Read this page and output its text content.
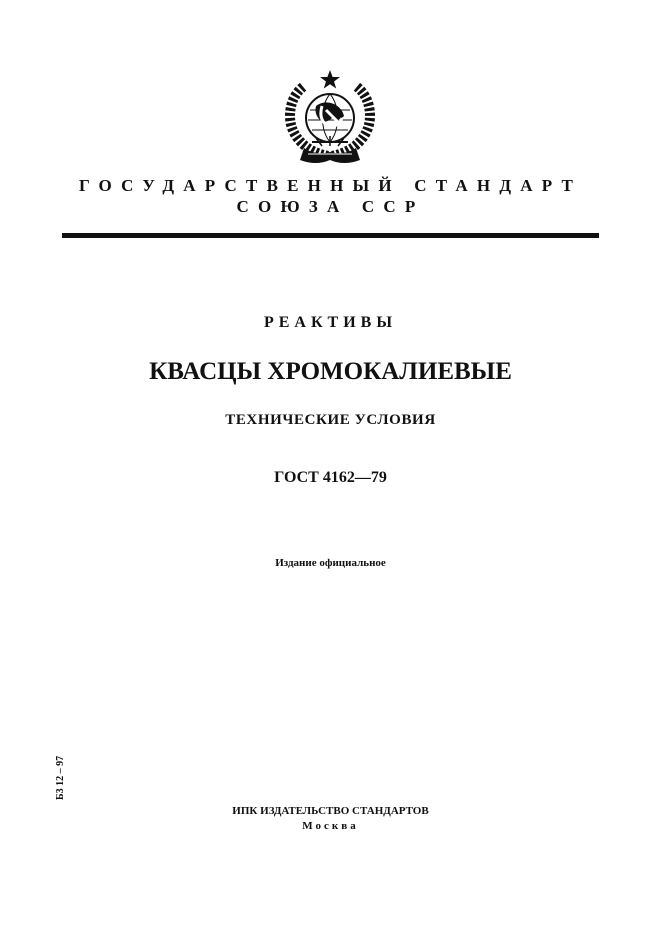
ГОСУДАРСТВЕННЫЙ СТАНДАРТ
СОЮЗА ССР
РЕАКТИВЫ
КВАСЦЫ ХРОМОКАЛИЕВЫЕ
ТЕХНИЧЕСКИЕ УСЛОВИЯ
ГОСТ 4162—79
Издание официальное
Б3 12 – 97
ИПК ИЗДАТЕЛЬСТВО СТАНДАРТОВ
Москва
